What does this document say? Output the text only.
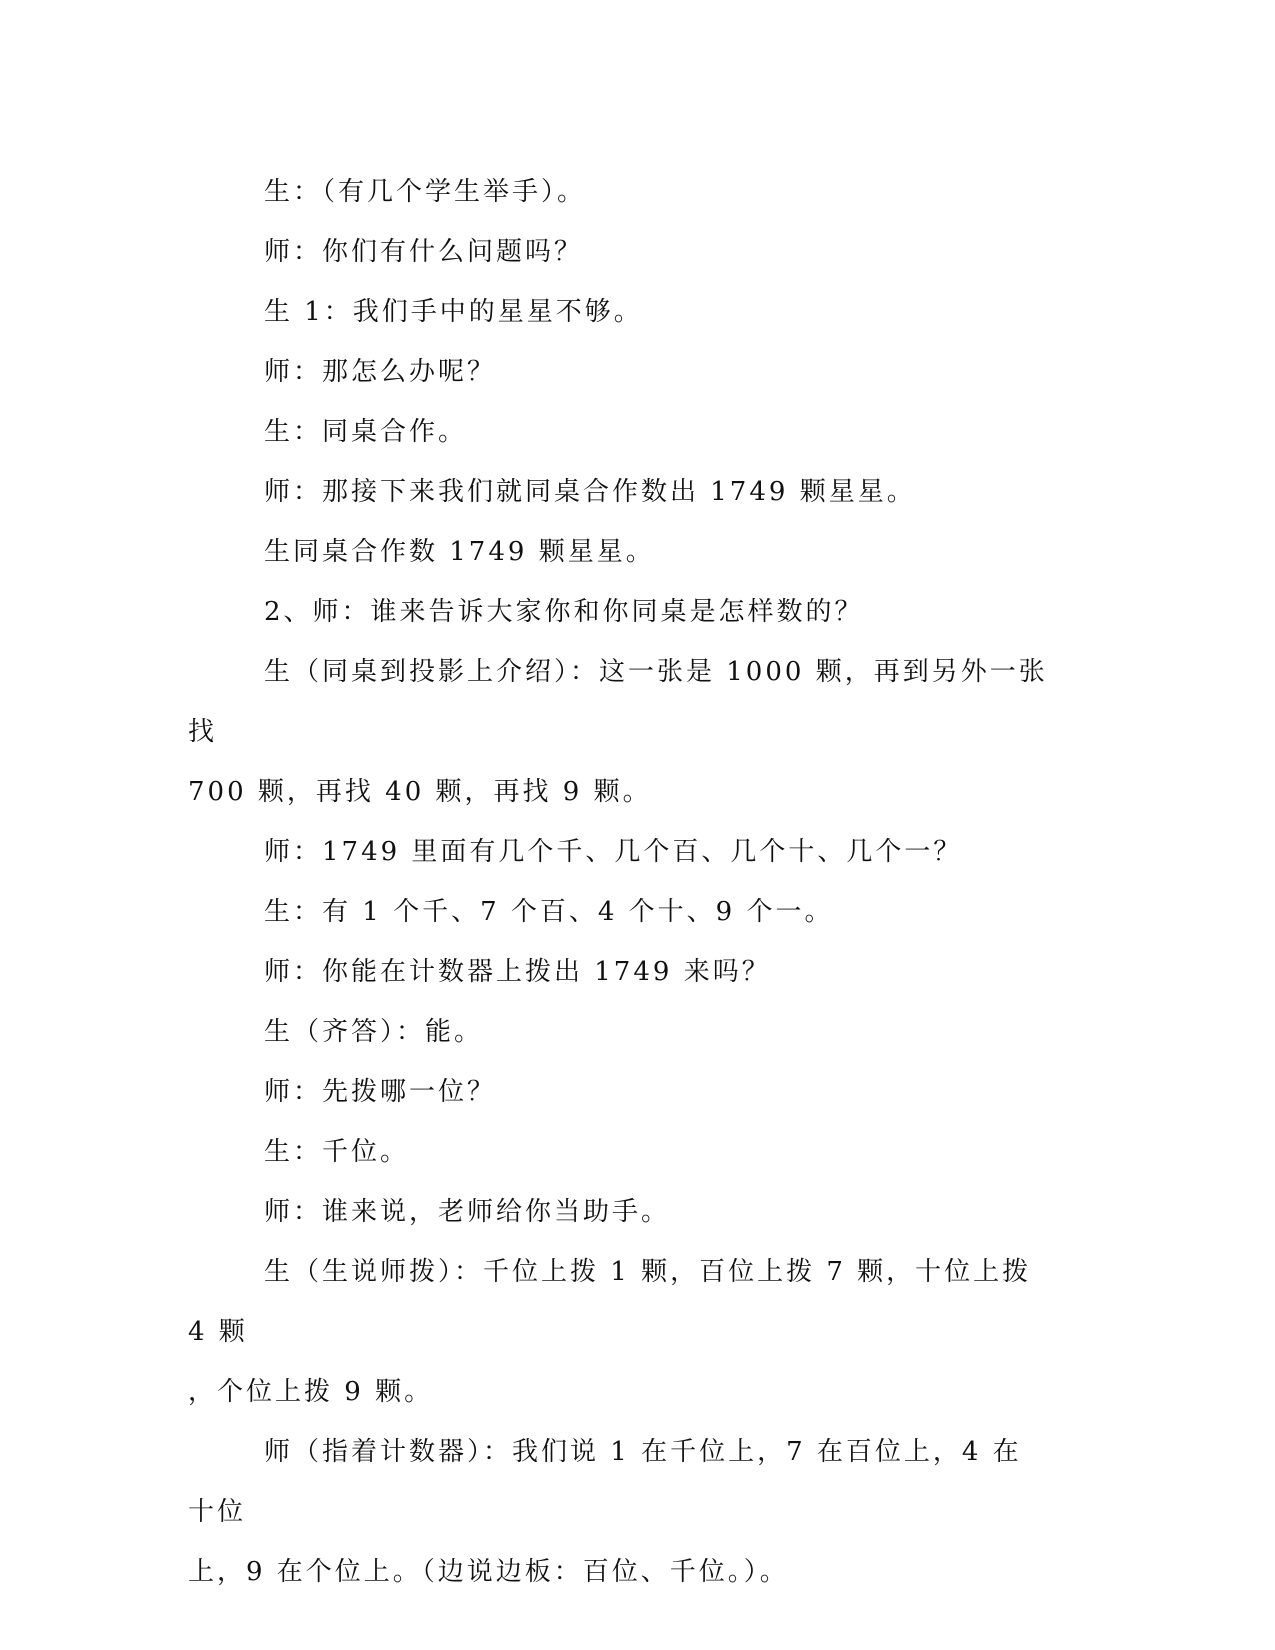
生：（有几个学生举手）。

师：你们有什么问题吗？

生 1：我们手中的星星不够。

师：那怎么办呢？

生：同桌合作。

师：那接下来我们就同桌合作数出 1749 颗星星。

生同桌合作数 1749 颗星星。

2、师：谁来告诉大家你和你同桌是怎样数的？

生（同桌到投影上介绍）：这一张是 1000 颗，再到另外一张找

700 颗，再找 40 颗，再找 9 颗。

师：1749 里面有几个千、几个百、几个十、几个一？

生：有 1 个千、7 个百、4 个十、9 个一。

师：你能在计数器上拨出 1749 来吗？

生（齐答）：能。

师：先拨哪一位？

生：千位。

师：谁来说，老师给你当助手。

生（生说师拨）：千位上拨 1 颗，百位上拨 7 颗，十位上拨 4 颗

，个位上拨 9 颗。

师（指着计数器）：我们说 1 在千位上，7 在百位上，4 在十位

上，9 在个位上。（边说边板：百位、千位。）。
